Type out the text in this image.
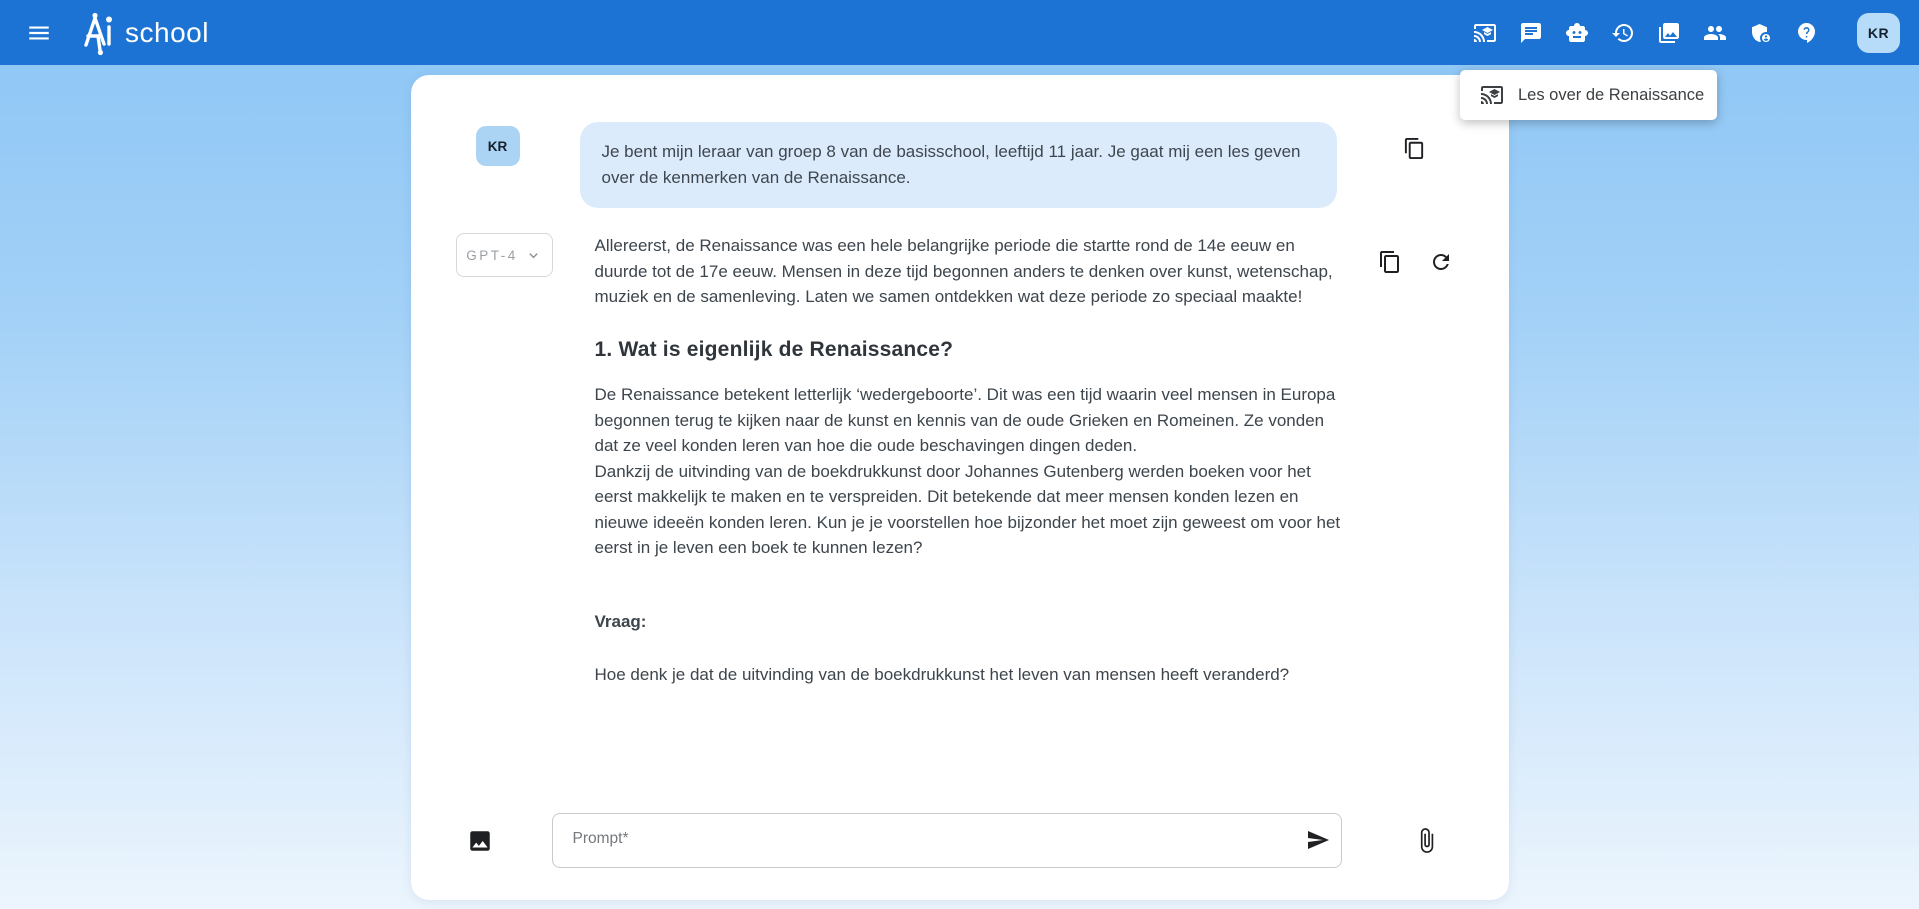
school	KR
Les over de Renaissance
KR	Je bent mijn leraar van groep 8 van de basisschool, leeftijd 11 jaar. Je gaat mij een les geven over de kenmerken van de Renaissance.
GPT-4	Allereerst, de Renaissance was een hele belangrijke periode die startte rond de 14e eeuw en duurde tot de 17e eeuw. Mensen in deze tijd begonnen anders te denken over kunst, wetenschap, muziek en de samenleving. Laten we samen ontdekken wat deze periode zo speciaal maakte!

1. Wat is eigenlijk de Renaissance?

De Renaissance betekent letterlijk ‘wedergeboorte’. Dit was een tijd waarin veel mensen in Europa begonnen terug te kijken naar de kunst en kennis van de oude Grieken en Romeinen. Ze vonden dat ze veel konden leren van hoe die oude beschavingen dingen deden.

Dankzij de uitvinding van de boekdrukkunst door Johannes Gutenberg werden boeken voor het eerst makkelijk te maken en te verspreiden. Dit betekende dat meer mensen konden lezen en nieuwe ideeën konden leren. Kun je je voorstellen hoe bijzonder het moet zijn geweest om voor het eerst in je leven een boek te kunnen lezen?

Vraag:

Hoe denk je dat de uitvinding van de boekdrukkunst het leven van mensen heeft veranderd?

Prompt*
